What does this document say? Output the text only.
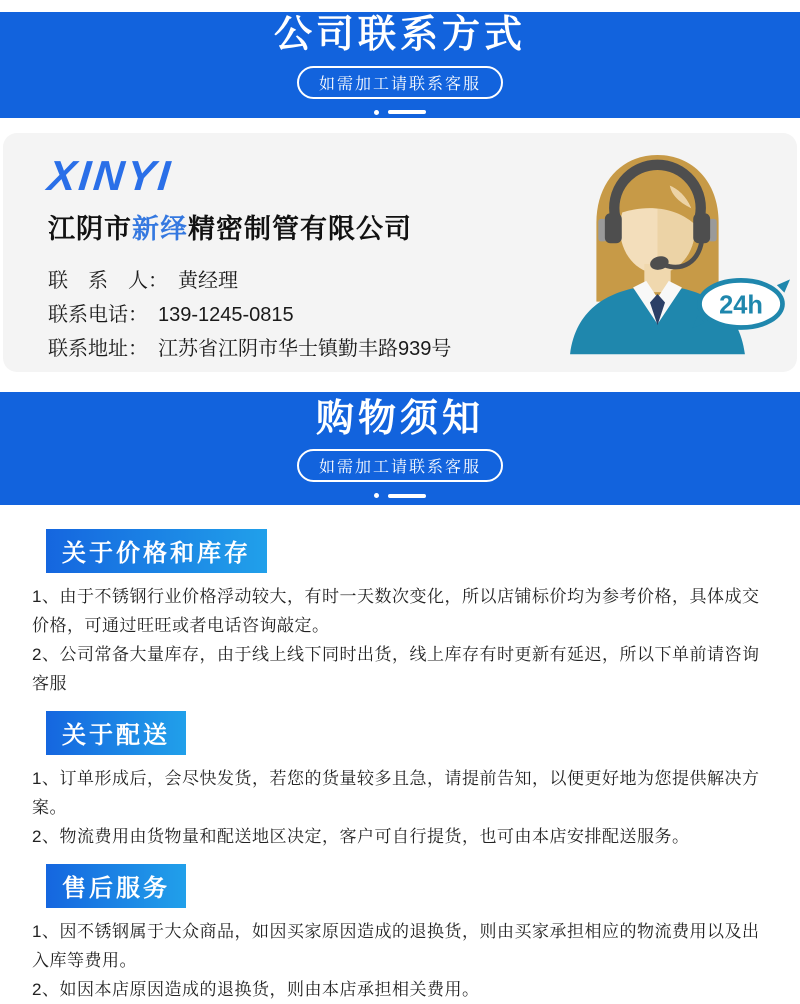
公司联系方式
如需加工请联系客服
XINYI
江阴市新绎精密制管有限公司
联　系　人： 黄经理
联系电话： 139-1245-0815
联系地址： 江苏省江阴市华士镇勤丰路939号
24h
购物须知
如需加工请联系客服
关于价格和库存

1、由于不锈钢行业价格浮动较大，有时一天数次变化，所以店铺标价均为参考价格，具体成交价格，可通过旺旺或者电话咨询敲定。

2、公司常备大量库存，由于线上线下同时出货，线上库存有时更新有延迟，所以下单前请咨询客服

关于配送

1、订单形成后，会尽快发货，若您的货量较多且急，请提前告知，以便更好地为您提供解决方案。

2、物流费用由货物量和配送地区决定，客户可自行提货，也可由本店安排配送服务。

售后服务

1、因不锈钢属于大众商品，如因买家原因造成的退换货，则由买家承担相应的物流费用以及出入库等费用。

2、如因本店原因造成的退换货，则由本店承担相关费用。
